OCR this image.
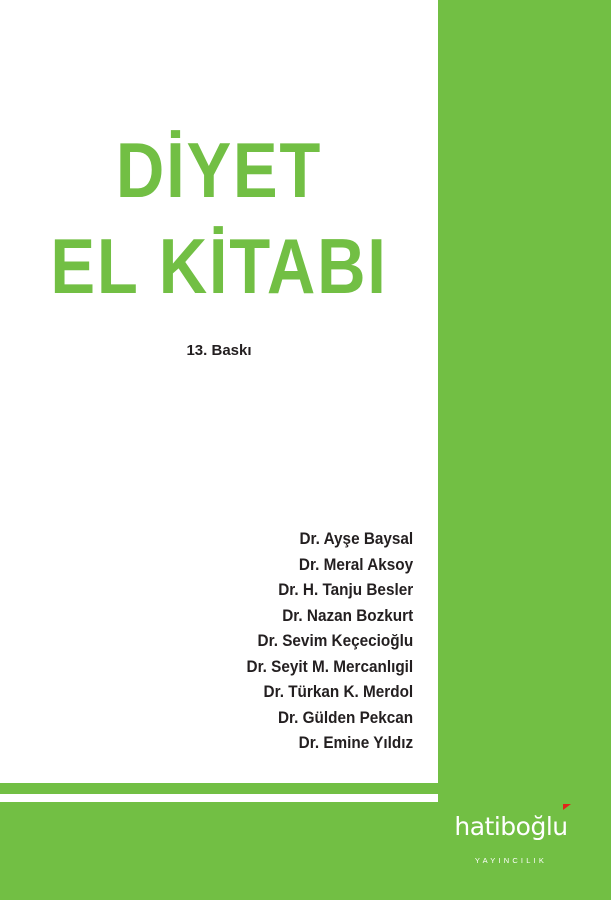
DİYET
EL KİTABI
13. Baskı
Dr. Ayşe Baysal
Dr. Meral Aksoy
Dr. H. Tanju Besler
Dr. Nazan Bozkurt
Dr. Sevim Keçecioğlu
Dr. Seyit M. Mercanlıgil
Dr. Türkan K. Merdol
Dr. Gülden Pekcan
Dr. Emine Yıldız
hatiboğlu
YAYINCILIK
